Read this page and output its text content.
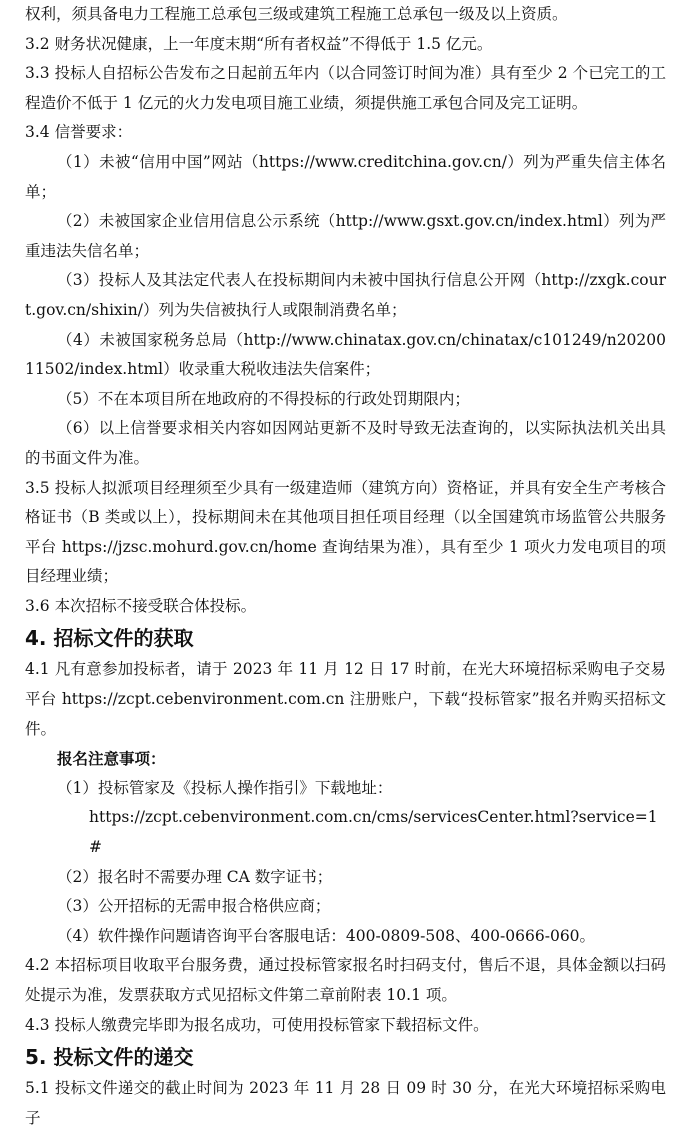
权利，须具备电力工程施工总承包三级或建筑工程施工总承包一级及以上资质。
3.2 财务状况健康，上一年度末期“所有者权益”不得低于 1.5 亿元。
3.3 投标人自招标公告发布之日起前五年内（以合同签订时间为准）具有至少 2 个已完工的工程造价不低于 1 亿元的火力发电项目施工业绩，须提供施工承包合同及完工证明。
3.4 信誉要求：
（1）未被“信用中国”网站（https://www.creditchina.gov.cn/）列为严重失信主体名单；
（2）未被国家企业信用信息公示系统（http://www.gsxt.gov.cn/index.html）列为严重违法失信名单；
（3）投标人及其法定代表人在投标期间内未被中国执行信息公开网（http://zxgk.court.gov.cn/shixin/）列为失信被执行人或限制消费名单；
（4）未被国家税务总局（http://www.chinatax.gov.cn/chinatax/c101249/n2020011502/index.html）收录重大税收违法失信案件；
（5）不在本项目所在地政府的不得投标的行政处罚期限内；
（6）以上信誉要求相关内容如因网站更新不及时导致无法查询的，以实际执法机关出具的书面文件为准。
3.5 投标人拟派项目经理须至少具有一级建造师（建筑方向）资格证，并具有安全生产考核合格证书（B 类或以上），投标期间未在其他项目担任项目经理（以全国建筑市场监管公共服务平台 https://jzsc.mohurd.gov.cn/home 查询结果为准），具有至少 1 项火力发电项目的项目经理业绩；
3.6 本次招标不接受联合体投标。
4. 招标文件的获取
4.1 凡有意参加投标者，请于 2023 年 11 月 12 日 17 时前，在光大环境招标采购电子交易平台 https://zcpt.cebenvironment.com.cn 注册账户，下载“投标管家”报名并购买招标文件。
报名注意事项：
（1）投标管家及《投标人操作指引》下载地址：
https://zcpt.cebenvironment.com.cn/cms/servicesCenter.html?service=1#
（2）报名时不需要办理 CA 数字证书；
（3）公开招标的无需申报合格供应商；
（4）软件操作问题请咨询平台客服电话：400-0809-508、400-0666-060。
4.2 本招标项目收取平台服务费，通过投标管家报名时扫码支付，售后不退，具体金额以扫码处提示为准，发票获取方式见招标文件第二章前附表 10.1 项。
4.3 投标人缴费完毕即为报名成功，可使用投标管家下载招标文件。
5. 投标文件的递交
5.1 投标文件递交的截止时间为 2023 年 11 月 28 日 09 时 30 分，在光大环境招标采购电子
